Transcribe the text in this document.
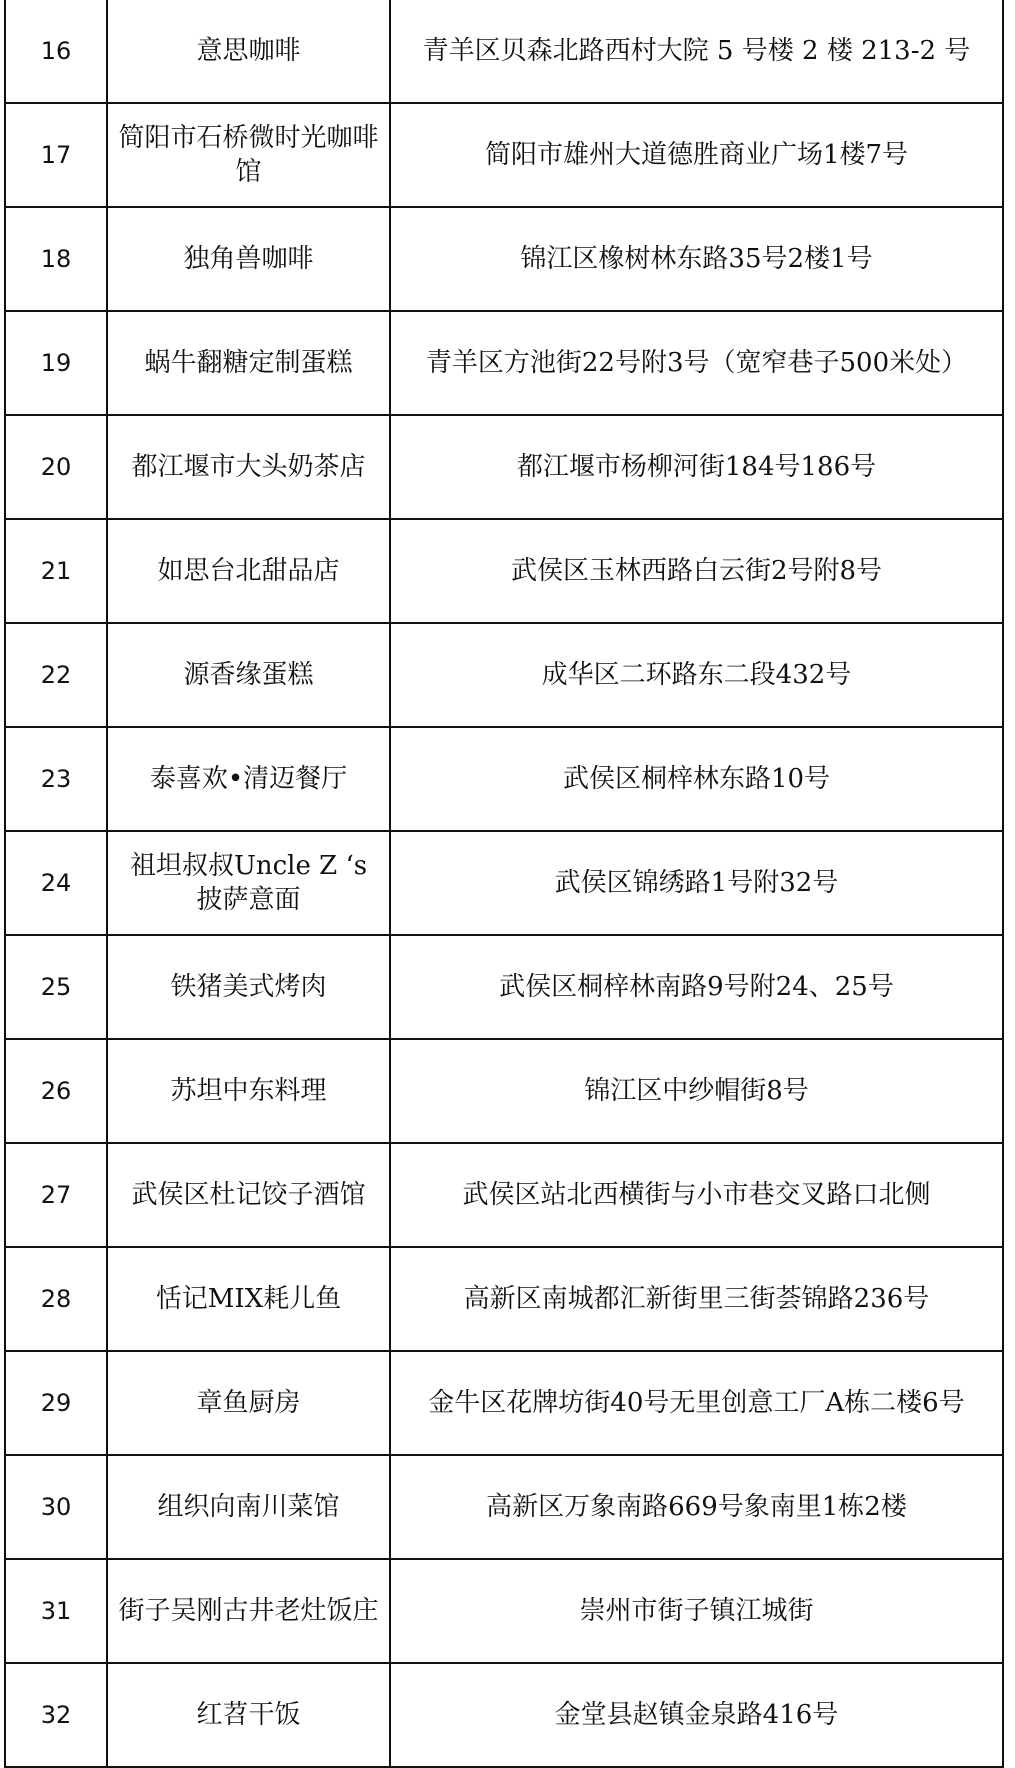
16	意思咖啡	青羊区贝森北路西村大院 5 号楼 2 楼 213-2 号
17	简阳市石桥微时光咖啡馆	简阳市雄州大道德胜商业广场1楼7号
18	独角兽咖啡	锦江区橡树林东路35号2楼1号
19	蜗牛翻糖定制蛋糕	青羊区方池街22号附3号（宽窄巷子500米处）
20	都江堰市大头奶茶店	都江堰市杨柳河街184号186号
21	如思台北甜品店	武侯区玉林西路白云街2号附8号
22	源香缘蛋糕	成华区二环路东二段432号
23	泰喜欢•清迈餐厅	武侯区桐梓林东路10号
24	祖坦叔叔Uncle Z ‘s 披萨意面	武侯区锦绣路1号附32号
25	铁猪美式烤肉	武侯区桐梓林南路9号附24、25号
26	苏坦中东料理	锦江区中纱帽街8号
27	武侯区杜记饺子酒馆	武侯区站北西横街与小市巷交叉路口北侧
28	恬记MIX耗儿鱼	高新区南城都汇新街里三街荟锦路236号
29	章鱼厨房	金牛区花牌坊街40号无里创意工厂A栋二楼6号
30	组织向南川菜馆	高新区万象南路669号象南里1栋2楼
31	街子吴刚古井老灶饭庄	崇州市街子镇江城街
32	红苕干饭	金堂县赵镇金泉路416号
